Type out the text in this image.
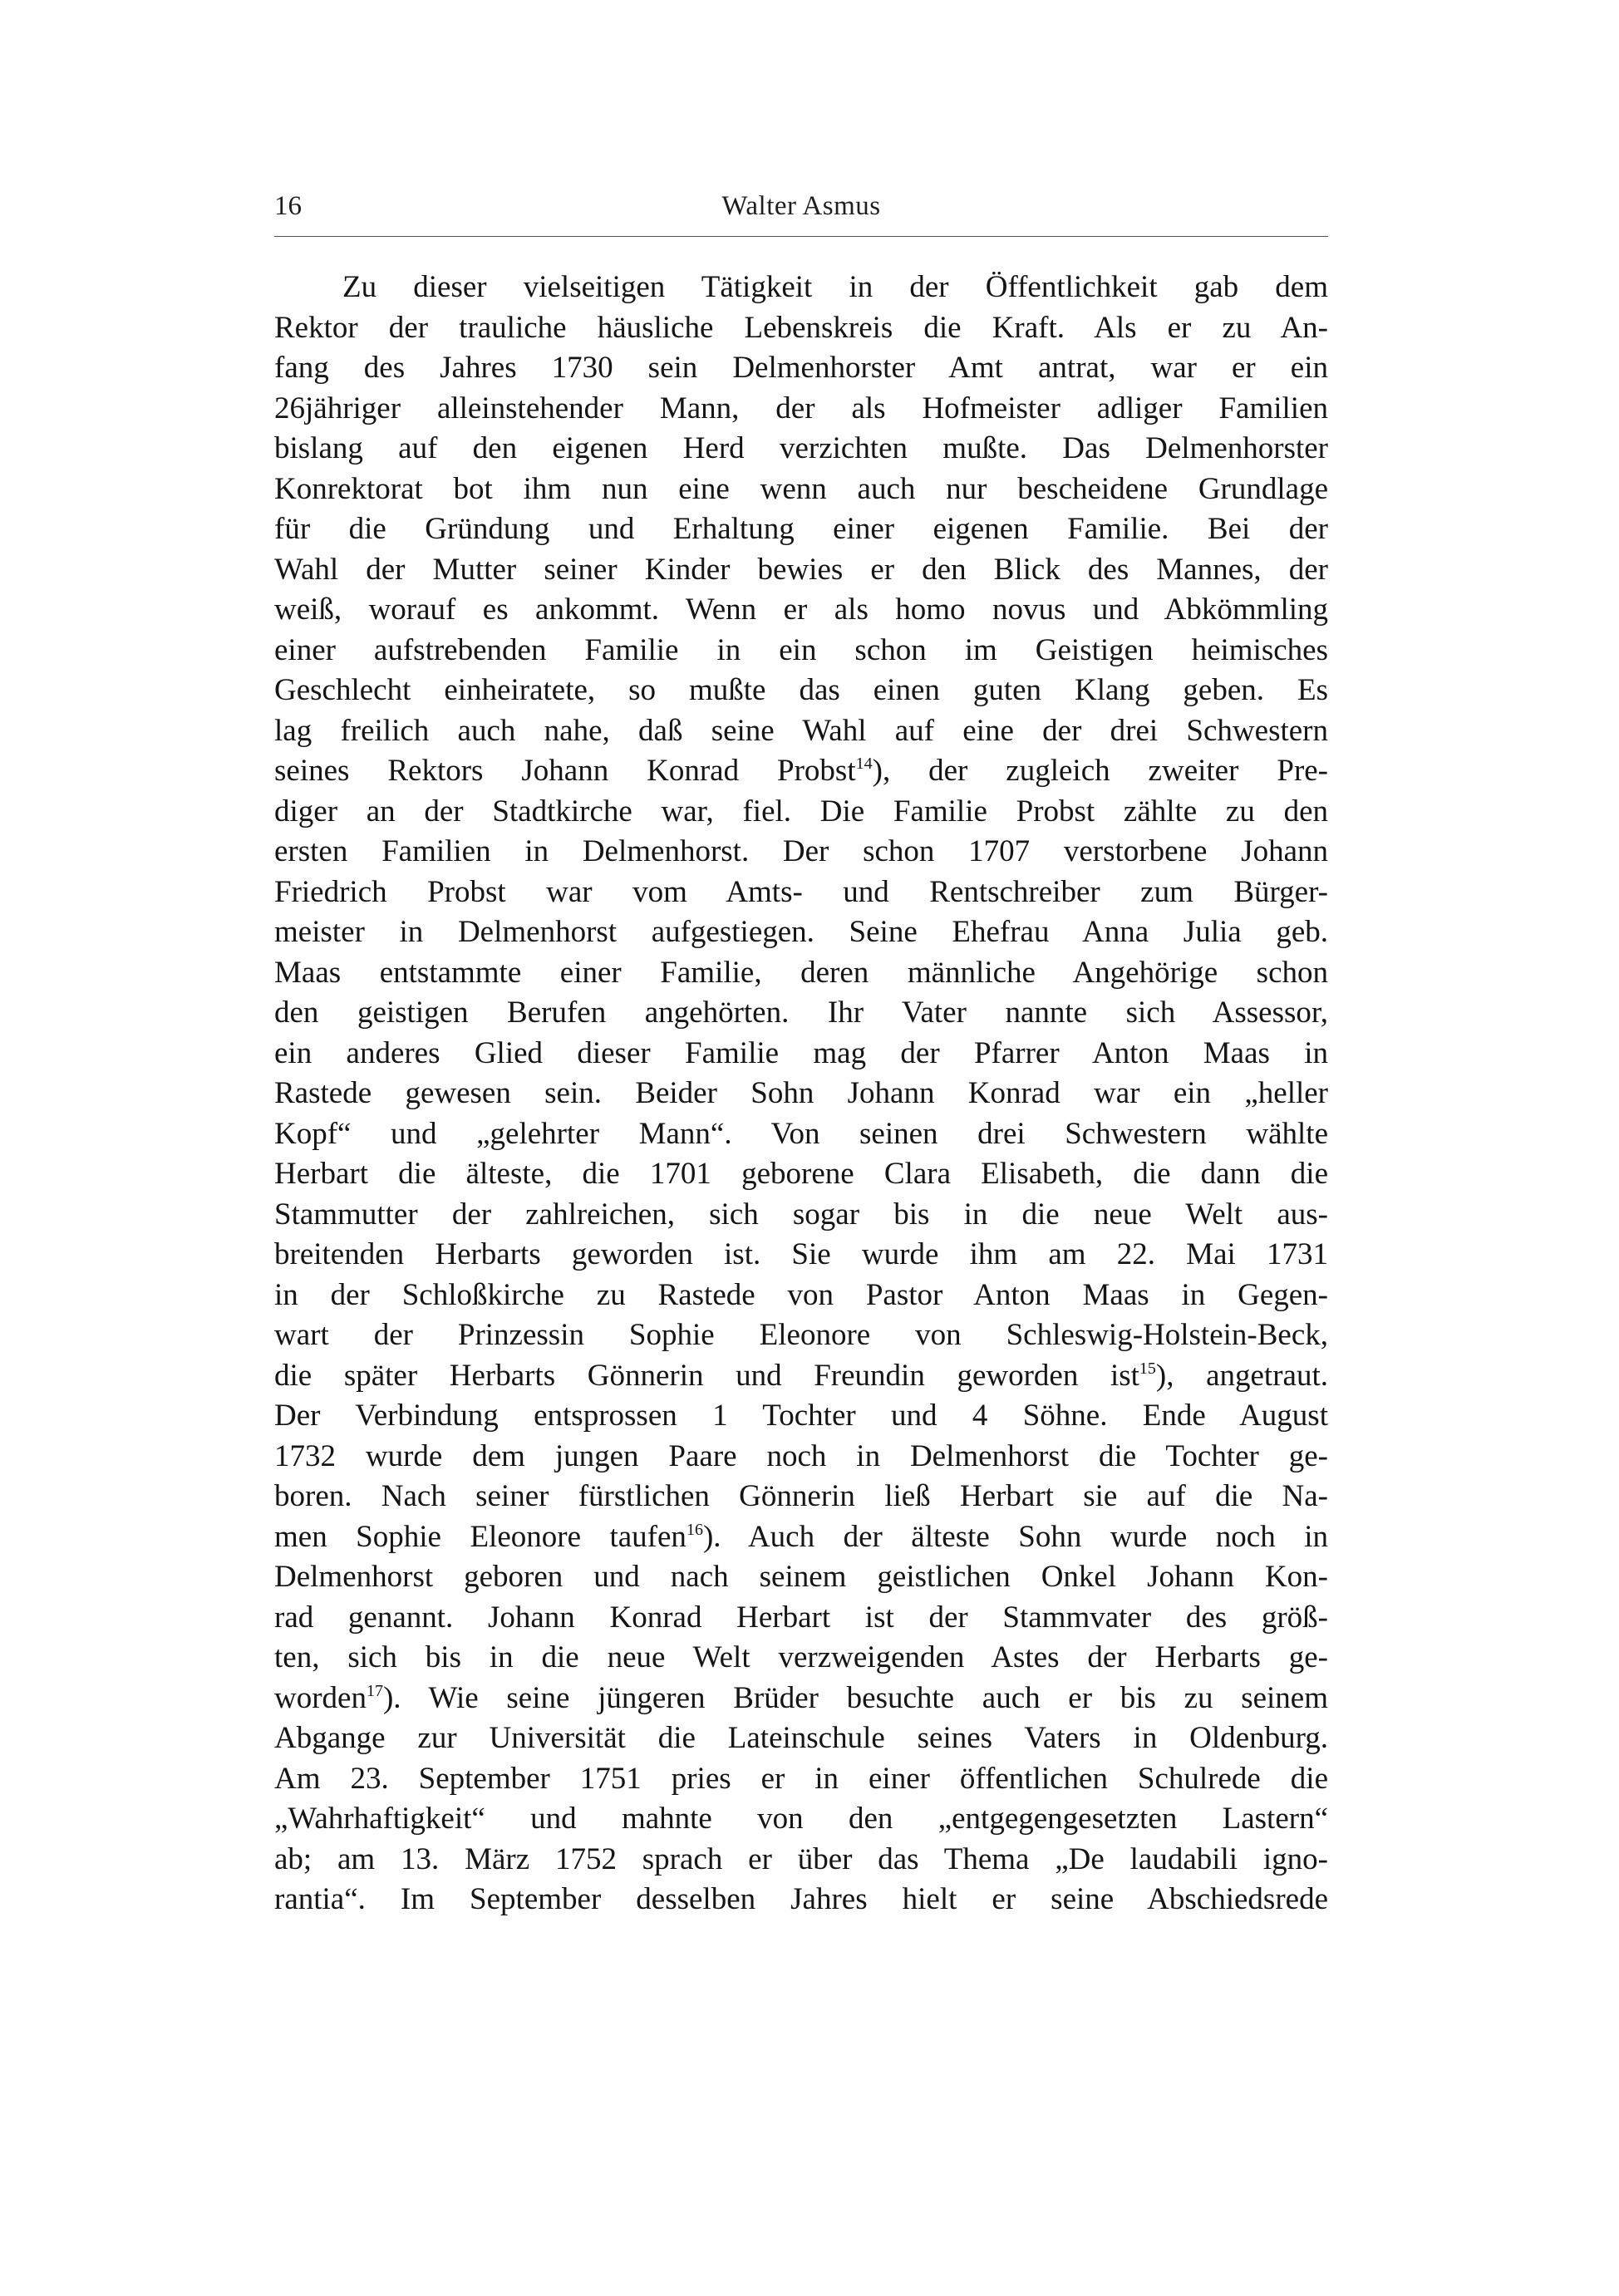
16	Walter Asmus
Zu dieser vielseitigen Tätigkeit in der Öffentlichkeit gab dem
Rektor der trauliche häusliche Lebenskreis die Kraft. Als er zu An-
fang des Jahres 1730 sein Delmenhorster Amt antrat, war er ein
26jähriger alleinstehender Mann, der als Hofmeister adliger Familien
bislang auf den eigenen Herd verzichten mußte. Das Delmenhorster
Konrektorat bot ihm nun eine wenn auch nur bescheidene Grundlage
für die Gründung und Erhaltung einer eigenen Familie. Bei der
Wahl der Mutter seiner Kinder bewies er den Blick des Mannes, der
weiß, worauf es ankommt. Wenn er als homo novus und Abkömmling
einer aufstrebenden Familie in ein schon im Geistigen heimisches
Geschlecht einheiratete, so mußte das einen guten Klang geben. Es
lag freilich auch nahe, daß seine Wahl auf eine der drei Schwestern
seines Rektors Johann Konrad Probst$^{14}$), der zugleich zweiter Pre-
diger an der Stadtkirche war, fiel. Die Familie Probst zählte zu den
ersten Familien in Delmenhorst. Der schon 1707 verstorbene Johann
Friedrich Probst war vom Amts- und Rentschreiber zum Bürger-
meister in Delmenhorst aufgestiegen. Seine Ehefrau Anna Julia geb.
Maas entstammte einer Familie, deren männliche Angehörige schon
den geistigen Berufen angehörten. Ihr Vater nannte sich Assessor,
ein anderes Glied dieser Familie mag der Pfarrer Anton Maas in
Rastede gewesen sein. Beider Sohn Johann Konrad war ein „heller
Kopf“ und „gelehrter Mann“. Von seinen drei Schwestern wählte
Herbart die älteste, die 1701 geborene Clara Elisabeth, die dann die
Stammutter der zahlreichen, sich sogar bis in die neue Welt aus-
breitenden Herbarts geworden ist. Sie wurde ihm am 22. Mai 1731
in der Schloßkirche zu Rastede von Pastor Anton Maas in Gegen-
wart der Prinzessin Sophie Eleonore von Schleswig-Holstein-Beck,
die später Herbarts Gönnerin und Freundin geworden ist$^{15}$), angetraut.
Der Verbindung entsprossen 1 Tochter und 4 Söhne. Ende August
1732 wurde dem jungen Paare noch in Delmenhorst die Tochter ge-
boren. Nach seiner fürstlichen Gönnerin ließ Herbart sie auf die Na-
men Sophie Eleonore taufen$^{16}$). Auch der älteste Sohn wurde noch in
Delmenhorst geboren und nach seinem geistlichen Onkel Johann Kon-
rad genannt. Johann Konrad Herbart ist der Stammvater des größ-
ten, sich bis in die neue Welt verzweigenden Astes der Herbarts ge-
worden$^{17}$). Wie seine jüngeren Brüder besuchte auch er bis zu seinem
Abgange zur Universität die Lateinschule seines Vaters in Oldenburg.
Am 23. September 1751 pries er in einer öffentlichen Schulrede die
„Wahrhaftigkeit“ und mahnte von den „entgegengesetzten Lastern“
ab; am 13. März 1752 sprach er über das Thema „De laudabili igno-
rantia“. Im September desselben Jahres hielt er seine Abschiedsrede
